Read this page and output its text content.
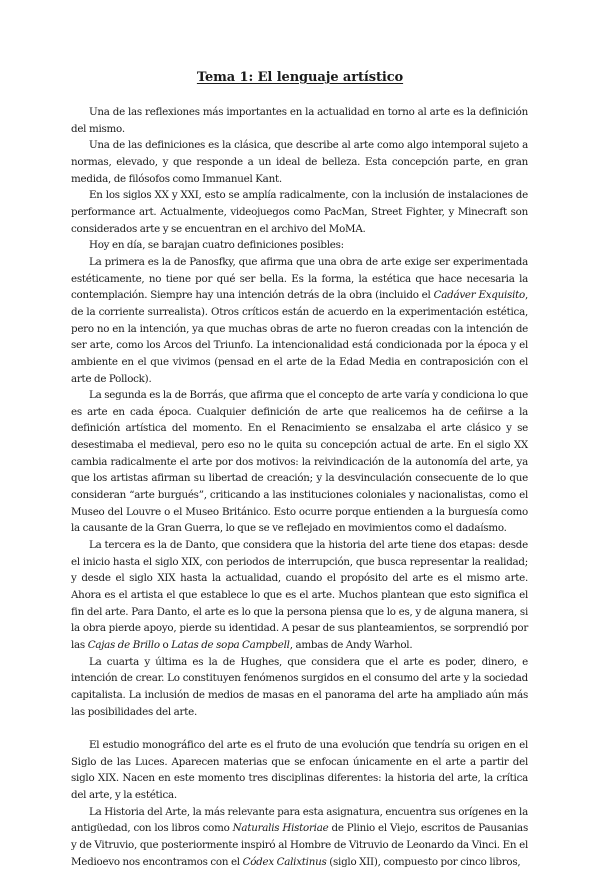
Tema 1: El lenguaje artístico

Una de las reflexiones más importantes en la actualidad en torno al arte es la definición del mismo.

Una de las definiciones es la clásica, que describe al arte como algo intemporal sujeto a normas, elevado, y que responde a un ideal de belleza. Esta concepción parte, en gran medida, de filósofos como Immanuel Kant.

En los siglos XX y XXI, esto se amplía radicalmente, con la inclusión de instalaciones de performance art. Actualmente, videojuegos como PacMan, Street Fighter, y Minecraft son considerados arte y se encuentran en el archivo del MoMA.

Hoy en día, se barajan cuatro definiciones posibles:

La primera es la de Panosfky, que afirma que una obra de arte exige ser experimentada estéticamente, no tiene por qué ser bella. Es la forma, la estética que hace necesaria la contemplación. Siempre hay una intención detrás de la obra (incluido el Cadáver Exquisito, de la corriente surrealista). Otros críticos están de acuerdo en la experimentación estética, pero no en la intención, ya que muchas obras de arte no fueron creadas con la intención de ser arte, como los Arcos del Triunfo. La intencionalidad está condicionada por la época y el ambiente en el que vivimos (pensad en el arte de la Edad Media en contraposición con el arte de Pollock).

La segunda es la de Borrás, que afirma que el concepto de arte varía y condiciona lo que es arte en cada época. Cualquier definición de arte que realicemos ha de ceñirse a la definición artística del momento. En el Renacimiento se ensalzaba el arte clásico y se desestimaba el medieval, pero eso no le quita su concepción actual de arte. En el siglo XX cambia radicalmente el arte por dos motivos: la reivindicación de la autonomía del arte, ya que los artistas afirman su libertad de creación; y la desvinculación consecuente de lo que consideran “arte burgués”, criticando a las instituciones coloniales y nacionalistas, como el Museo del Louvre o el Museo Británico. Esto ocurre porque entienden a la burguesía como la causante de la Gran Guerra, lo que se ve reflejado en movimientos como el dadaísmo.

La tercera es la de Danto, que considera que la historia del arte tiene dos etapas: desde el inicio hasta el siglo XIX, con periodos de interrupción, que busca representar la realidad; y desde el siglo XIX hasta la actualidad, cuando el propósito del arte es el mismo arte. Ahora es el artista el que establece lo que es el arte. Muchos plantean que esto significa el fin del arte. Para Danto, el arte es lo que la persona piensa que lo es, y de alguna manera, si la obra pierde apoyo, pierde su identidad. A pesar de sus planteamientos, se sorprendió por las Cajas de Brillo o Latas de sopa Campbell, ambas de Andy Warhol.

La cuarta y última es la de Hughes, que considera que el arte es poder, dinero, e intención de crear. Lo constituyen fenómenos surgidos en el consumo del arte y la sociedad capitalista. La inclusión de medios de masas en el panorama del arte ha ampliado aún más las posibilidades del arte.

El estudio monográfico del arte es el fruto de una evolución que tendría su origen en el Siglo de las Luces. Aparecen materias que se enfocan únicamente en el arte a partir del siglo XIX. Nacen en este momento tres disciplinas diferentes: la historia del arte, la crítica del arte, y la estética.

La Historia del Arte, la más relevante para esta asignatura, encuentra sus orígenes en la antigüedad, con los libros como Naturalis Historiae de Plinio el Viejo, escritos de Pausanias y de Vitruvio, que posteriormente inspiró al Hombre de Vitruvio de Leonardo da Vinci. En el Medioevo nos encontramos con el Códex Calixtinus (siglo XII), compuesto por cinco libros,
